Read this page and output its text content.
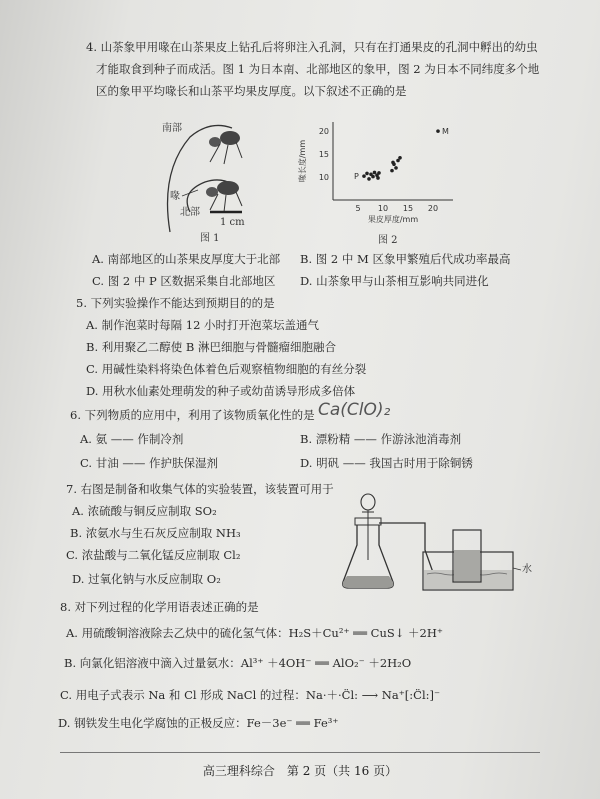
4. 山茶象甲用喙在山茶果皮上钻孔后将卵注入孔洞，只有在打通果皮的孔洞中孵出的幼虫
才能取食到种子而成活。图 1 为日本南、北部地区的象甲，图 2 为日本不同纬度多个地
区的象甲平均喙长和山茶平均果皮厚度。以下叙述不正确的是
南部
喙
北部
1 cm
图 1
5 10 15 20
20
15
10	P
M
果皮厚度/mm
喙长度/mm
图 2
A. 南部地区的山茶果皮厚度大于北部 B. 图 2 中 M 区象甲繁殖后代成功率最高
C. 图 2 中 P 区数据采集自北部地区 D. 山茶象甲与山茶相互影响共同进化
5. 下列实验操作不能达到预期目的的是
A. 制作泡菜时每隔 12 小时打开泡菜坛盖通气
B. 利用聚乙二醇使 B 淋巴细胞与骨髓瘤细胞融合
C. 用碱性染料将染色体着色后观察植物细胞的有丝分裂
D. 用秋水仙素处理萌发的种子或幼苗诱导形成多倍体
6. 下列物质的应用中，利用了该物质氧化性的是 Ca(ClO)₂
A. 氨 —— 作制冷剂	B. 漂粉精 —— 作游泳池消毒剂
C. 甘油 —— 作护肤保湿剂	D. 明矾 —— 我国古时用于除铜锈
7. 右图是制备和收集气体的实验装置，该装置可用于
A. 浓硫酸与铜反应制取 SO₂
B. 浓氨水与生石灰反应制取 NH₃
C. 浓盐酸与二氧化锰反应制取 Cl₂
D. 过氧化钠与水反应制取 O₂
水
8. 对下列过程的化学用语表述正确的是
A. 用硫酸铜溶液除去乙炔中的硫化氢气体：H₂S＋Cu²⁺ ══ CuS↓ ＋2H⁺
B. 向氯化铝溶液中滴入过量氨水：Al³⁺ ＋4OH⁻ ══ AlO₂⁻ ＋2H₂O
C. 用电子式表示 Na 和 Cl 形成 NaCl 的过程：Na·＋·C̈l: ⟶ Na⁺[:C̈l:]⁻
D. 钢铁发生电化学腐蚀的正极反应：Fe－3e⁻ ══ Fe³⁺
高三理科综合　第 2 页（共 16 页）
